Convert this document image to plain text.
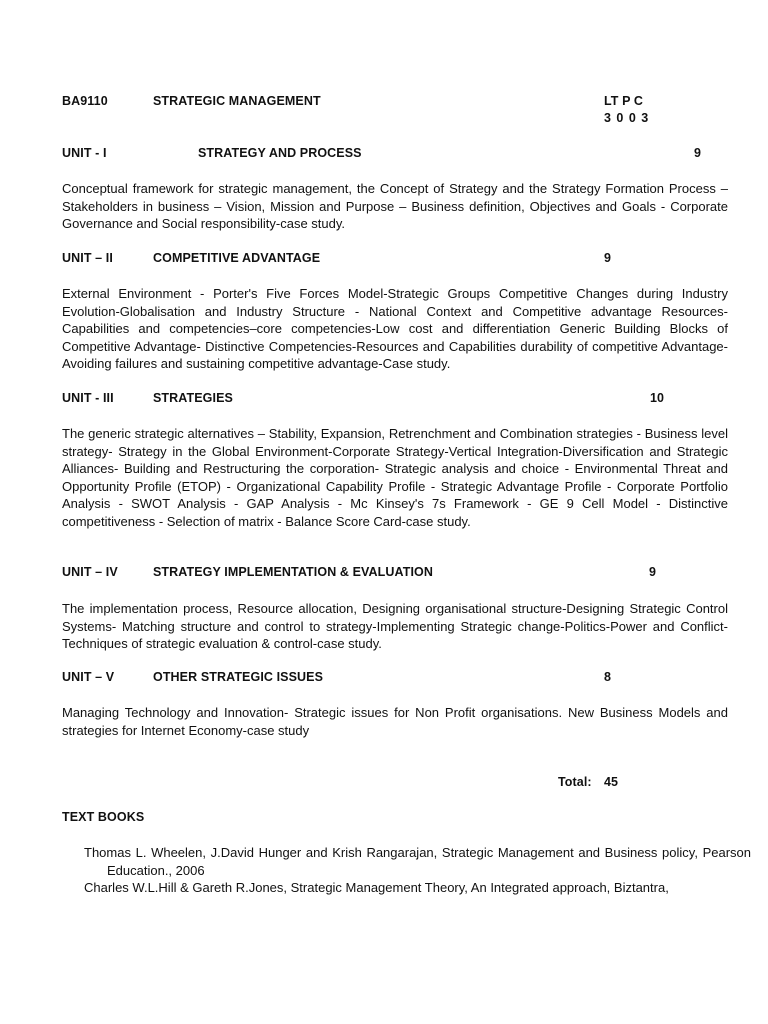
BA9110	STRATEGIC MANAGEMENT	LT P C
3 0 0 3
UNIT - I	STRATEGY AND PROCESS	9

Conceptual framework for strategic management, the Concept of Strategy and the Strategy Formation Process – Stakeholders in business – Vision, Mission and Purpose – Business definition, Objectives and Goals - Corporate Governance and Social responsibility-case study.

UNIT – II	COMPETITIVE ADVANTAGE	9

External Environment - Porter's Five Forces Model-Strategic Groups Competitive Changes during Industry Evolution-Globalisation and Industry Structure - National Context and Competitive advantage Resources- Capabilities and competencies–core competencies-Low cost and differentiation Generic Building Blocks of Competitive Advantage- Distinctive Competencies-Resources and Capabilities durability of competitive Advantage- Avoiding failures and sustaining competitive advantage-Case study.

UNIT - III	STRATEGIES	10

The generic strategic alternatives – Stability, Expansion, Retrenchment and Combination strategies - Business level strategy- Strategy in the Global Environment-Corporate Strategy-Vertical Integration-Diversification and Strategic Alliances- Building and Restructuring the corporation- Strategic analysis and choice - Environmental Threat and Opportunity Profile (ETOP) - Organizational Capability Profile - Strategic Advantage Profile - Corporate Portfolio Analysis - SWOT Analysis - GAP Analysis - Mc Kinsey's 7s Framework - GE 9 Cell Model - Distinctive competitiveness - Selection of matrix - Balance Score Card-case study.

UNIT – IV	STRATEGY IMPLEMENTATION & EVALUATION	9

The implementation process, Resource allocation, Designing organisational structure-Designing Strategic Control Systems- Matching structure and control to strategy-Implementing Strategic change-Politics-Power and Conflict-Techniques of strategic evaluation & control-case study.

UNIT – V	OTHER STRATEGIC ISSUES	8

Managing Technology and Innovation- Strategic issues for Non Profit organisations. New Business Models and strategies for Internet Economy-case study

Total: 45
TEXT BOOKS

Thomas L. Wheelen, J.David Hunger and Krish Rangarajan, Strategic Management and Business policy, Pearson Education., 2006

Charles W.L.Hill & Gareth R.Jones, Strategic Management Theory, An Integrated approach, Biztantra,
